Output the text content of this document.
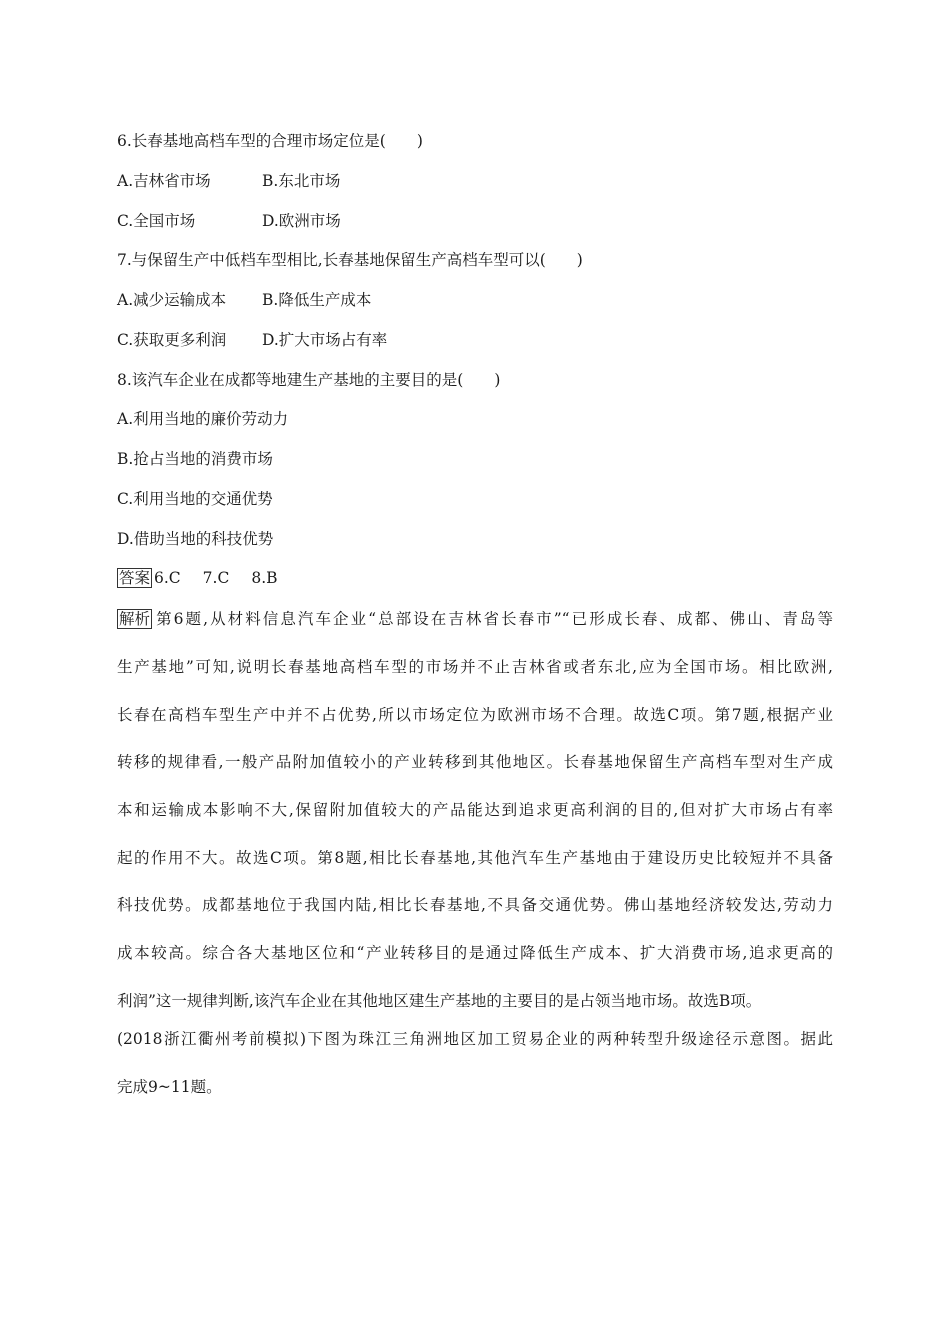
6.长春基地高档车型的合理市场定位是(　　)
A.吉林省市场	B.东北市场
C.全国市场	D.欧洲市场
7.与保留生产中低档车型相比,长春基地保留生产高档车型可以(　　)
A.减少运输成本 B.降低生产成本
C.获取更多利润 D.扩大市场占有率
8.该汽车企业在成都等地建生产基地的主要目的是(　　)
A.利用当地的廉价劳动力
B.抢占当地的消费市场
C.利用当地的交通优势
D.借助当地的科技优势
答案 6.C 7.C 8.B
解析 第6题,从材料信息汽车企业“总部设在吉林省长春市”“已形成长春、成都、佛山、青岛等
生产基地”可知,说明长春基地高档车型的市场并不止吉林省或者东北,应为全国市场。相比欧洲,
长春在高档车型生产中并不占优势,所以市场定位为欧洲市场不合理。故选C项。第7题,根据产业
转移的规律看,一般产品附加值较小的产业转移到其他地区。长春基地保留生产高档车型对生产成
本和运输成本影响不大,保留附加值较大的产品能达到追求更高利润的目的,但对扩大市场占有率
起的作用不大。故选C项。第8题,相比长春基地,其他汽车生产基地由于建设历史比较短并不具备
科技优势。成都基地位于我国内陆,相比长春基地,不具备交通优势。佛山基地经济较发达,劳动力
成本较高。综合各大基地区位和“产业转移目的是通过降低生产成本、扩大消费市场,追求更高的
利润”这一规律判断,该汽车企业在其他地区建生产基地的主要目的是占领当地市场。故选B项。
(2018浙江衢州考前模拟)下图为珠江三角洲地区加工贸易企业的两种转型升级途径示意图。据此
完成9~11题。
